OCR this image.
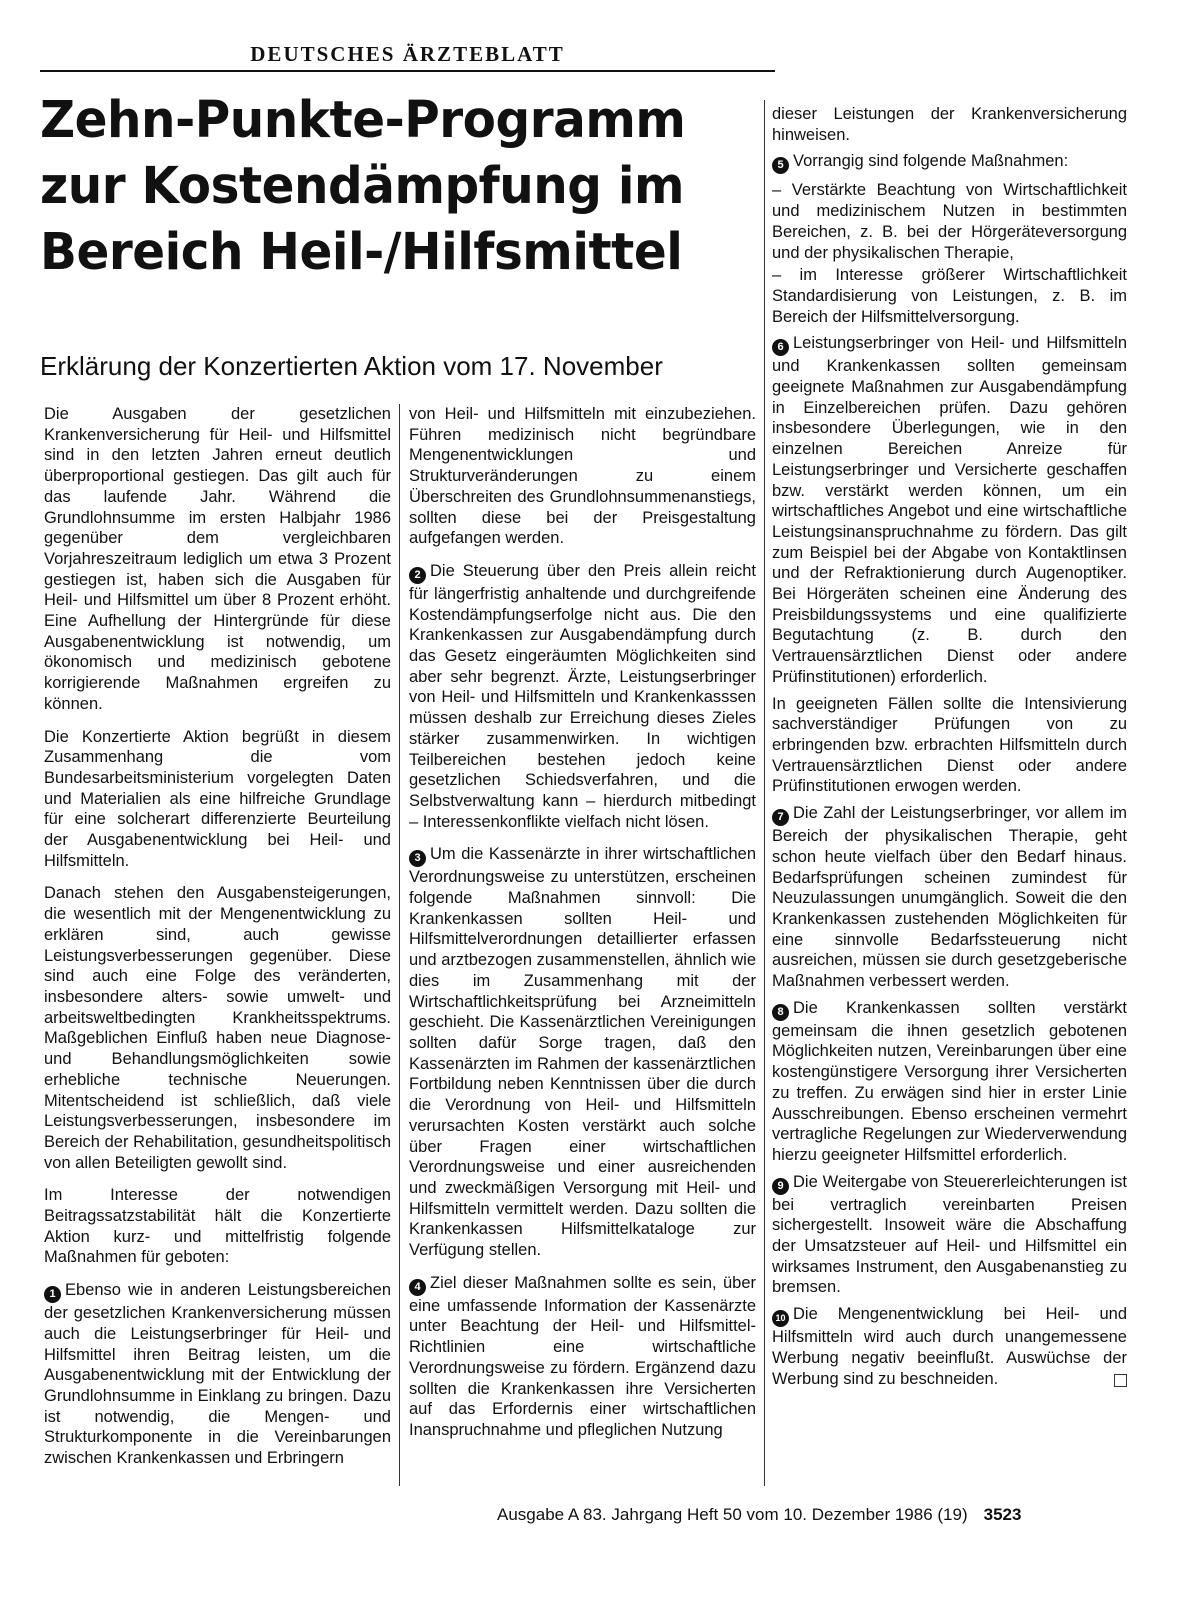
DEUTSCHES ÄRZTEBLATT
Zehn-Punkte-Programm
zur Kostendämpfung im
Bereich Heil-/Hilfsmittel
Erklärung der Konzertierten Aktion vom 17. November

Die Ausgaben der gesetzlichen Krankenversicherung für Heil- und Hilfsmittel sind in den letzten Jahren erneut deutlich überproportional gestiegen. Das gilt auch für das laufende Jahr. Während die Grundlohnsumme im ersten Halbjahr 1986 gegenüber dem vergleichbaren Vorjahreszeitraum lediglich um etwa 3 Prozent gestiegen ist, haben sich die Ausgaben für Heil- und Hilfsmittel um über 8 Prozent erhöht. Eine Aufhellung der Hintergründe für diese Ausgabenentwicklung ist notwendig, um ökonomisch und medizinisch gebotene korrigierende Maßnahmen ergreifen zu können.

Die Konzertierte Aktion begrüßt in diesem Zusammenhang die vom Bundesarbeitsministerium vorgelegten Daten und Materialien als eine hilfreiche Grundlage für eine solcherart differenzierte Beurteilung der Ausgabenentwicklung bei Heil- und Hilfsmitteln.

Danach stehen den Ausgabensteigerungen, die wesentlich mit der Mengenentwicklung zu erklären sind, auch gewisse Leistungsverbesserungen gegenüber. Diese sind auch eine Folge des veränderten, insbesondere alters- sowie umwelt- und arbeitsweltbedingten Krankheitsspektrums. Maßgeblichen Einfluß haben neue Diagnose- und Behandlungsmöglichkeiten sowie erhebliche technische Neuerungen. Mitentscheidend ist schließlich, daß viele Leistungsverbesserungen, insbesondere im Bereich der Rehabilitation, gesundheitspolitisch von allen Beteiligten gewollt sind.

Im Interesse der notwendigen Beitragssatzstabilität hält die Konzertierte Aktion kurz- und mittelfristig folgende Maßnahmen für geboten:

1 Ebenso wie in anderen Leistungsbereichen der gesetzlichen Krankenversicherung müssen auch die Leistungserbringer für Heil- und Hilfsmittel ihren Beitrag leisten, um die Ausgabenentwicklung mit der Entwicklung der Grundlohnsumme in Einklang zu bringen. Dazu ist notwendig, die Mengen- und Strukturkomponente in die Vereinbarungen zwischen Krankenkassen und Erbringern

von Heil- und Hilfsmitteln mit einzubeziehen. Führen medizinisch nicht begründbare Mengenentwicklungen und Strukturveränderungen zu einem Überschreiten des Grundlohnsummenanstiegs, sollten diese bei der Preisgestaltung aufgefangen werden.

2 Die Steuerung über den Preis allein reicht für längerfristig anhaltende und durchgreifende Kostendämpfungserfolge nicht aus. Die den Krankenkassen zur Ausgabendämpfung durch das Gesetz eingeräumten Möglichkeiten sind aber sehr begrenzt. Ärzte, Leistungserbringer von Heil- und Hilfsmitteln und Krankenkasssen müssen deshalb zur Erreichung dieses Zieles stärker zusammenwirken. In wichtigen Teilbereichen bestehen jedoch keine gesetzlichen Schiedsverfahren, und die Selbstverwaltung kann – hierdurch mitbedingt – Interessenkonflikte vielfach nicht lösen.

3 Um die Kassenärzte in ihrer wirtschaftlichen Verordnungsweise zu unterstützen, erscheinen folgende Maßnahmen sinnvoll: Die Krankenkassen sollten Heil- und Hilfsmittelverordnungen detaillierter erfassen und arztbezogen zusammenstellen, ähnlich wie dies im Zusammenhang mit der Wirtschaftlichkeitsprüfung bei Arzneimitteln geschieht. Die Kassenärztlichen Vereinigungen sollten dafür Sorge tragen, daß den Kassenärzten im Rahmen der kassenärztlichen Fortbildung neben Kenntnissen über die durch die Verordnung von Heil- und Hilfsmitteln verursachten Kosten verstärkt auch solche über Fragen einer wirtschaftlichen Verordnungsweise und einer ausreichenden und zweckmäßigen Versorgung mit Heil- und Hilfsmitteln vermittelt werden. Dazu sollten die Krankenkassen Hilfsmittelkataloge zur Verfügung stellen.

4 Ziel dieser Maßnahmen sollte es sein, über eine umfassende Information der Kassenärzte unter Beachtung der Heil- und Hilfsmittel-Richtlinien eine wirtschaftliche Verordnungsweise zu fördern. Ergänzend dazu sollten die Krankenkassen ihre Versicherten auf das Erfordernis einer wirtschaftlichen Inanspruchnahme und pfleglichen Nutzung

dieser Leistungen der Krankenversicherung hinweisen.

5 Vorrangig sind folgende Maßnahmen:

– Verstärkte Beachtung von Wirtschaftlichkeit und medizinischem Nutzen in bestimmten Bereichen, z. B. bei der Hörgeräteversorgung und der physikalischen Therapie,

– im Interesse größerer Wirtschaftlichkeit Standardisierung von Leistungen, z. B. im Bereich der Hilfsmittelversorgung.

6 Leistungserbringer von Heil- und Hilfsmitteln und Krankenkassen sollten gemeinsam geeignete Maßnahmen zur Ausgabendämpfung in Einzelbereichen prüfen. Dazu gehören insbesondere Überlegungen, wie in den einzelnen Bereichen Anreize für Leistungserbringer und Versicherte geschaffen bzw. verstärkt werden können, um ein wirtschaftliches Angebot und eine wirtschaftliche Leistungsinanspruchnahme zu fördern. Das gilt zum Beispiel bei der Abgabe von Kontaktlinsen und der Refraktionierung durch Augenoptiker. Bei Hörgeräten scheinen eine Änderung des Preisbildungssystems und eine qualifizierte Begutachtung (z. B. durch den Vertrauensärztlichen Dienst oder andere Prüfinstitutionen) erforderlich.

In geeigneten Fällen sollte die Intensivierung sachverständiger Prüfungen von zu erbringenden bzw. erbrachten Hilfsmitteln durch Vertrauensärztlichen Dienst oder andere Prüfinstitutionen erwogen werden.

7 Die Zahl der Leistungserbringer, vor allem im Bereich der physikalischen Therapie, geht schon heute vielfach über den Bedarf hinaus. Bedarfsprüfungen scheinen zumindest für Neuzulassungen unumgänglich. Soweit die den Krankenkassen zustehenden Möglichkeiten für eine sinnvolle Bedarfssteuerung nicht ausreichen, müssen sie durch gesetzgeberische Maßnahmen verbessert werden.

8 Die Krankenkassen sollten verstärkt gemeinsam die ihnen gesetzlich gebotenen Möglichkeiten nutzen, Vereinbarungen über eine kostengünstigere Versorgung ihrer Versicherten zu treffen. Zu erwägen sind hier in erster Linie Ausschreibungen. Ebenso erscheinen vermehrt vertragliche Regelungen zur Wiederverwendung hierzu geeigneter Hilfsmittel erforderlich.

9 Die Weitergabe von Steuererleichterungen ist bei vertraglich vereinbarten Preisen sichergestellt. Insoweit wäre die Abschaffung der Umsatzsteuer auf Heil- und Hilfsmittel ein wirksames Instrument, den Ausgabenanstieg zu bremsen.

10 Die Mengenentwicklung bei Heil- und Hilfsmitteln wird auch durch unangemessene Werbung negativ beeinflußt. Auswüchse der Werbung sind zu beschneiden.

Ausgabe A 83. Jahrgang Heft 50 vom 10. Dezember 1986 (19) 3523
